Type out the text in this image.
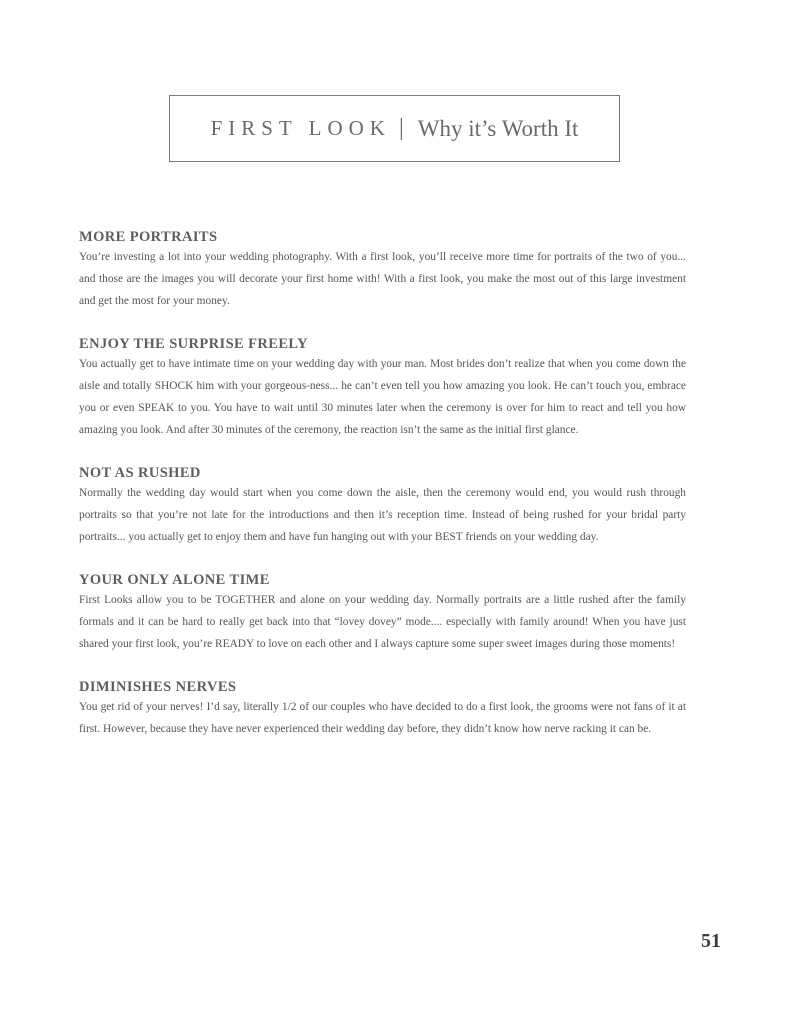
FIRST LOOK | Why it’s Worth It
MORE PORTRAITS

You’re investing a lot into your wedding photography. With a first look, you’ll receive more time for portraits of the two of you... and those are the images you will decorate your first home with! With a first look, you make the most out of this large investment and get the most for your money.

ENJOY THE SURPRISE FREELY

You actually get to have intimate time on your wedding day with your man. Most brides don’t realize that when you come down the aisle and totally SHOCK him with your gorgeous-ness... he can’t even tell you how amazing you look. He can’t touch you, embrace you or even SPEAK to you. You have to wait until 30 minutes later when the ceremony is over for him to react and tell you how amazing you look. And after 30 minutes of the ceremony, the reaction isn’t the same as the initial first glance.

NOT AS RUSHED

Normally the wedding day would start when you come down the aisle, then the ceremony would end, you would rush through portraits so that you’re not late for the introductions and then it’s reception time. Instead of being rushed for your bridal party portraits... you actually get to enjoy them and have fun hanging out with your BEST friends on your wedding day.

YOUR ONLY ALONE TIME

First Looks allow you to be TOGETHER and alone on your wedding day. Normally portraits are a little rushed after the family formals and it can be hard to really get back into that “lovey dovey” mode.... especially with family around! When you have just shared your first look, you’re READY to love on each other and I always capture some super sweet images during those moments!

DIMINISHES NERVES

You get rid of your nerves! I’d say, literally 1/2 of our couples who have decided to do a first look, the grooms were not fans of it at first. However, because they have never experienced their wedding day before, they didn’t know how nerve racking it can be.

51
